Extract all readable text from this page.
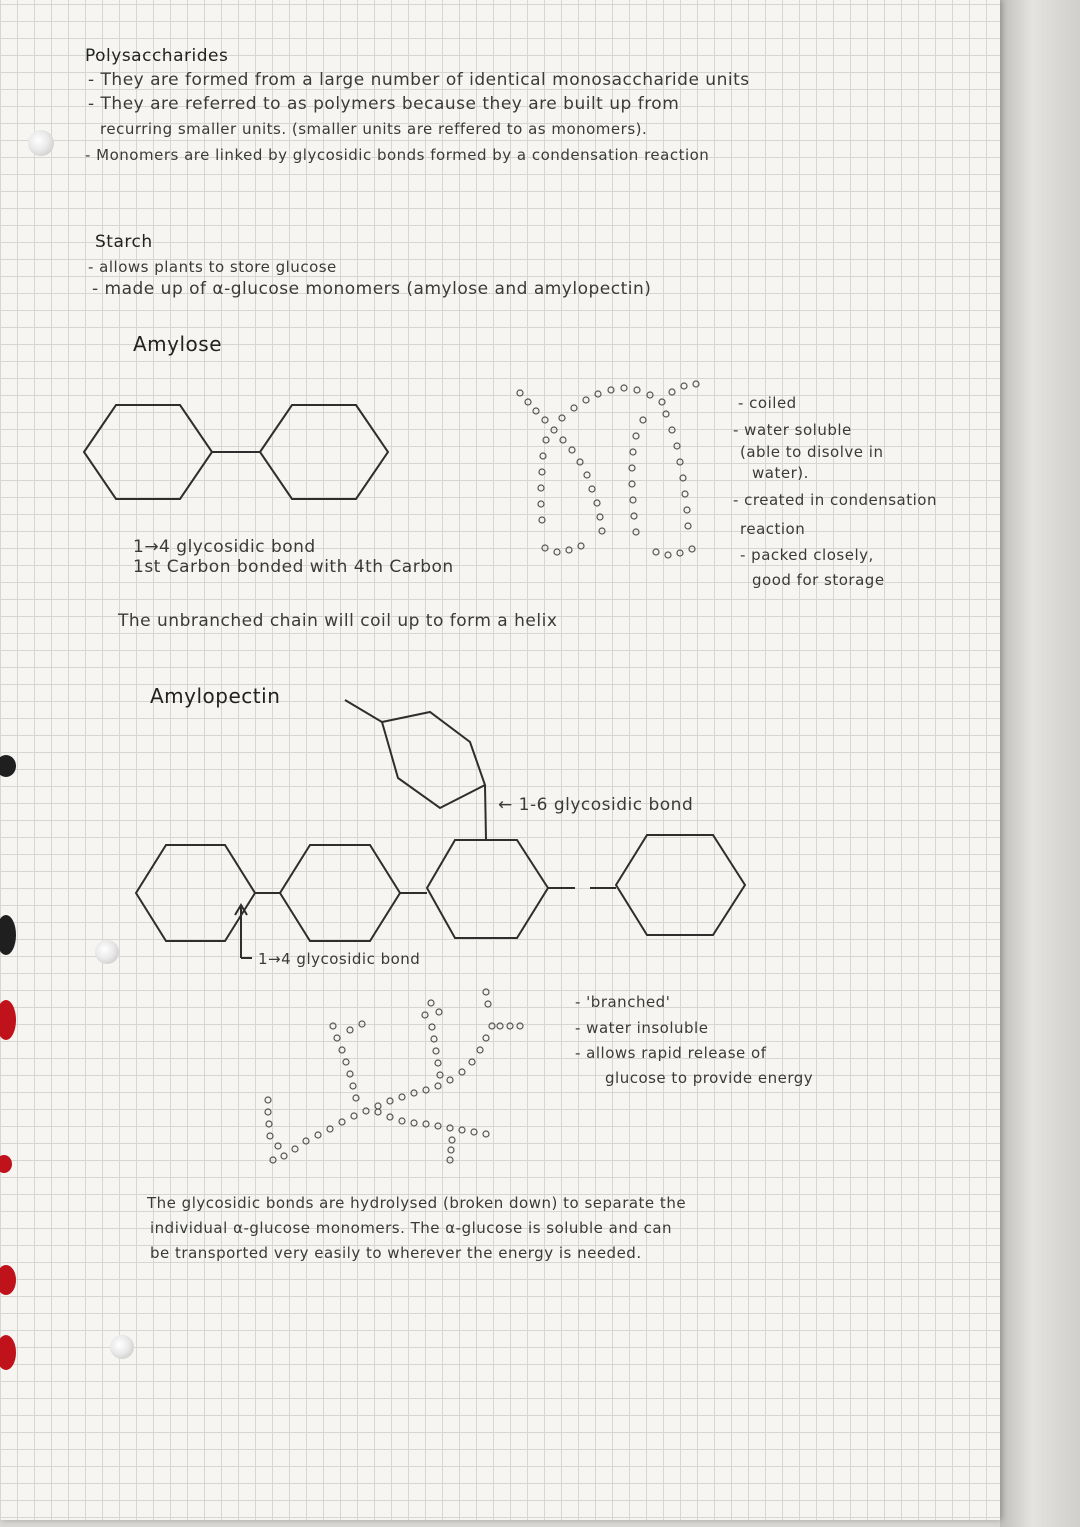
Polysaccharides
- They are formed from a large number of identical monosaccharide units
- They are referred to as polymers because they are built up from
recurring smaller units. (smaller units are reffered to as monomers).
- Monomers are linked by glycosidic bonds formed by a condensation reaction
Starch
- allows plants to store glucose
- made up of α-glucose monomers (amylose and amylopectin)
Amylose
1→4 glycosidic bond
1st Carbon bonded with 4th Carbon
The unbranched chain will coil up to form a helix
- coiled
- water soluble
(able to disolve in
water).
- created in condensation
reaction
- packed closely,
good for storage
Amylopectin
← 1-6 glycosidic bond
1→4 glycosidic bond
- 'branched'
- water insoluble
- allows rapid release of
glucose to provide energy
The glycosidic bonds are hydrolysed (broken down) to separate the
individual α-glucose monomers. The α-glucose is soluble and can
be transported very easily to wherever the energy is needed.
